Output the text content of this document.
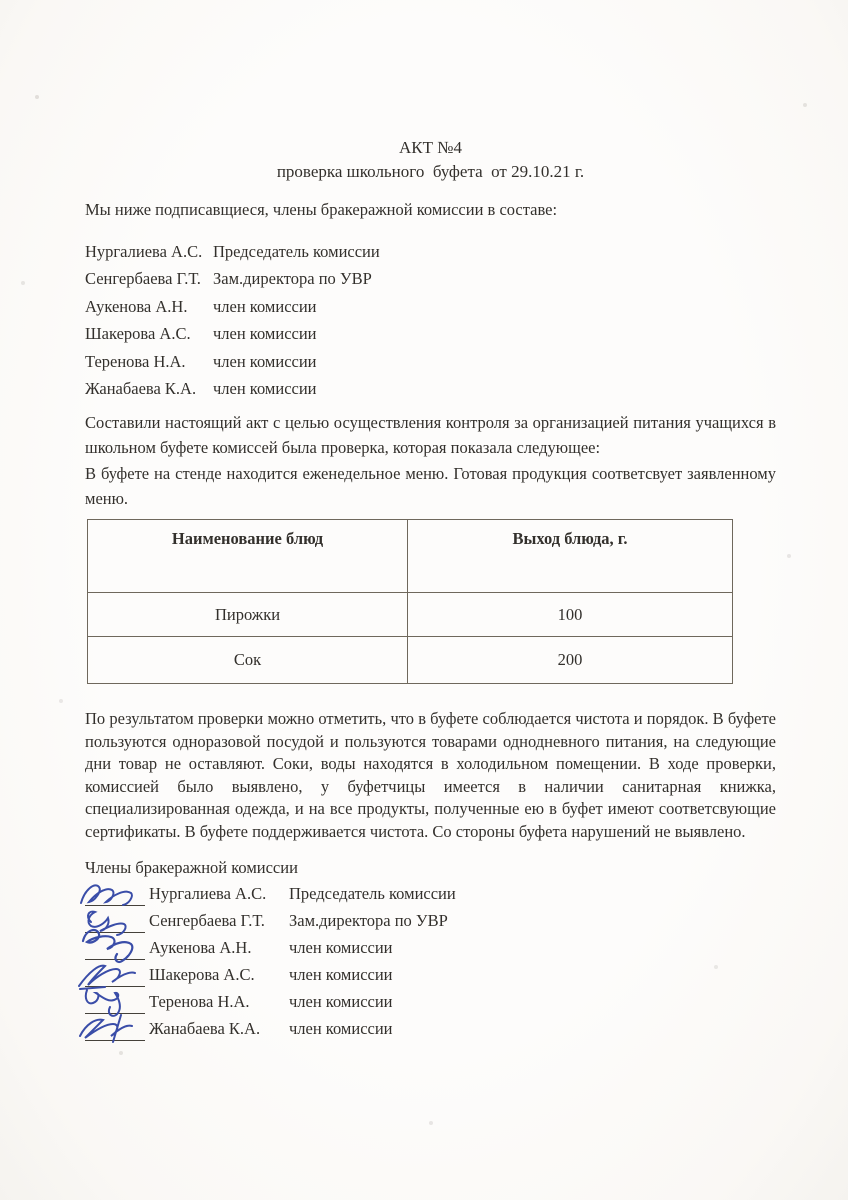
АКТ №4
проверка школьного  буфета  от 29.10.21 г.
Мы ниже подписавщиеся, члены бракеражной комиссии в составе:
Нургалиева А.С. Председатель комиссии
Сенгербаева Г.Т. Зам.директора по УВР
Аукенова А.Н.	член комиссии
Шакерова А.С.	член комиссии
Теренова Н.А.	член комиссии
Жанабаева К.А.	член комиссии
Составили настоящий акт с целью осуществления контроля за организацией питания учащихся в школьном буфете комиссей была проверка, которая показала следующее:
В буфете на стенде находится еженедельное меню. Готовая продукция соответсвует заявленному меню.
Наименование блюд	Выход блюда, г.
Пирожки	100
Сок	200
По результатом проверки можно отметить, что в буфете соблюдается чистота и порядок. В буфете пользуются одноразовой посудой и пользуются товарами однодневного питания, на следующие дни товар не оставляют. Соки, воды находятся в холодильном помещении. В ходе проверки, комиссией было выявлено, у буфетчицы имеется в наличии санитарная книжка, специализированная одежда, и на все продукты, полученные ею в буфет имеют соответсвующие сертификаты. В буфете поддерживается чистота. Со стороны буфета нарушений не выявлено.
Члены бракеражной комиссии
Нургалиева А.С.	Председатель комиссии
Сенгербаева Г.Т.	Зам.директора по УВР
Аукенова А.Н.	член комиссии
Шакерова А.С.	член комиссии
Теренова Н.А.	член комиссии
Жанабаева К.А.	член комиссии
